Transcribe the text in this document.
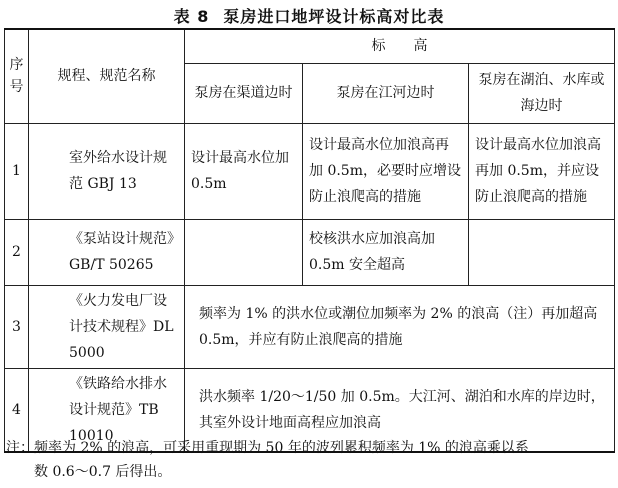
表 8 泵房进口地坪设计标高对比表
序
号	规程、规范名称	标　　高		
		泵房在渠道边时	泵房在江河边时	泵房在湖泊、水库或海边时
1	室外给水设计规范 GBJ 13	设计最高水位加 0.5m	设计最高水位加浪高再加 0.5m，必要时应增设防止浪爬高的措施	设计最高水位加浪高再加 0.5m，并应设防止浪爬高的措施
2	《泵站设计规范》GB/T 50265		校核洪水应加浪高加 0.5m 安全超高	
3	《火力发电厂设计技术规程》DL 5000	频率为 1% 的洪水位或潮位加频率为 2% 的浪高（注）再加超高 0.5m，并应有防止浪爬高的措施		
4	《铁路给水排水设计规范》TB 10010	洪水频率 1/20～1/50 加 0.5m。大江河、湖泊和水库的岸边时，其室外设计地面高程应加浪高		
注：频率为 2% 的浪高，可采用重现期为 50 年的波列累积频率为 1% 的浪高乘以系
数 0.6～0.7 后得出。
